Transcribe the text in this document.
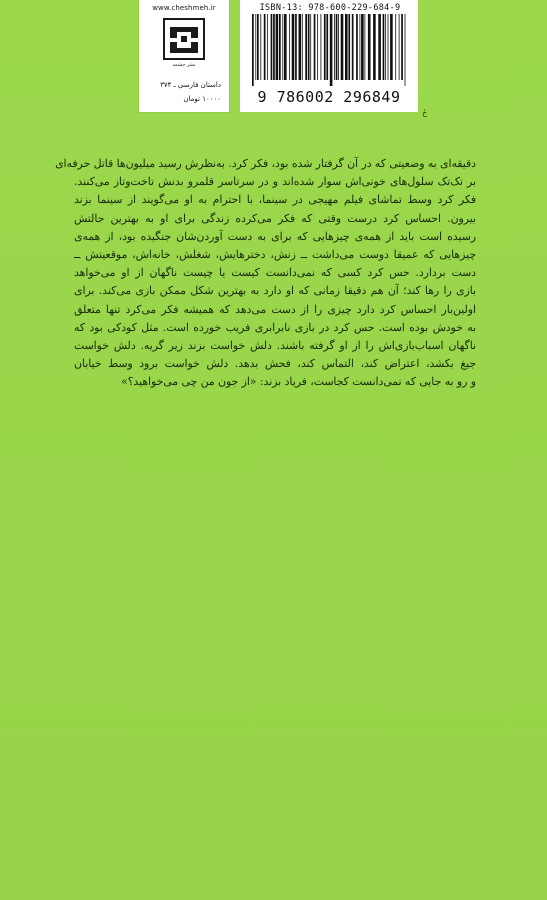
www.cheshmeh.ir
نشر چشمه
داستان فارسی ـ ۳۷۴
۱۰۰۰۰ تومان
ISBN-13: 978-600-229-684-9
9 786002 296849
ځ
دقیقه‌ای به وضعیتی که در آن گرفتار شده بود، فکر کرد. به‌نظرش رسید میلیون‌ها قاتل حرفه‌ای
بر تک‌تک سلول‌های خونی‌اش سوار شده‌اند و در سرتاسر قلمرو بدنش تاخت‌وتاز می‌کنند.
فکر کرد وسط تماشای فیلم مهیجی در سینما، با احترام به او می‌گویند از سینما بزند
بیرون. احساس کرد درست وقتی که فکر می‌کرده زندگی برای او به بهترین حالتش
رسیده است باید از همه‌ی چیزهایی که برای به دست آوردن‌شان جنگیده بود، از همه‌ی
چیزهایی که عمیقا دوست می‌داشت ــ زنش، دخترهایش، شغلش، خانه‌اش، موقعیتش ــ
دست بردارد. حس کرد کسی که نمی‌دانست کیست یا چیست ناگهان از او می‌خواهد
بازی را رها کند؛ آن هم دقیقا زمانی که او دارد به بهترین شکل ممکن بازی می‌کند. برای
اولین‌بار احساس کرد دارد چیزی را از دست می‌دهد که همیشه فکر می‌کرد تنها متعلق
به خودش بوده است. حس کرد در بازی نابرابری فریب خورده است. مثل کودکی بود که
ناگهان اسباب‌بازی‌اش را از او گرفته باشند. دلش خواست بزند زیر گریه. دلش خواست
جیغ بکشد، اعتراض کند، التماس کند، فحش بدهد. دلش خواست برود وسط خیابان
و رو به جایی که نمی‌دانست کجاست، فریاد بزند: «از جون من چی می‌خواهید؟»
